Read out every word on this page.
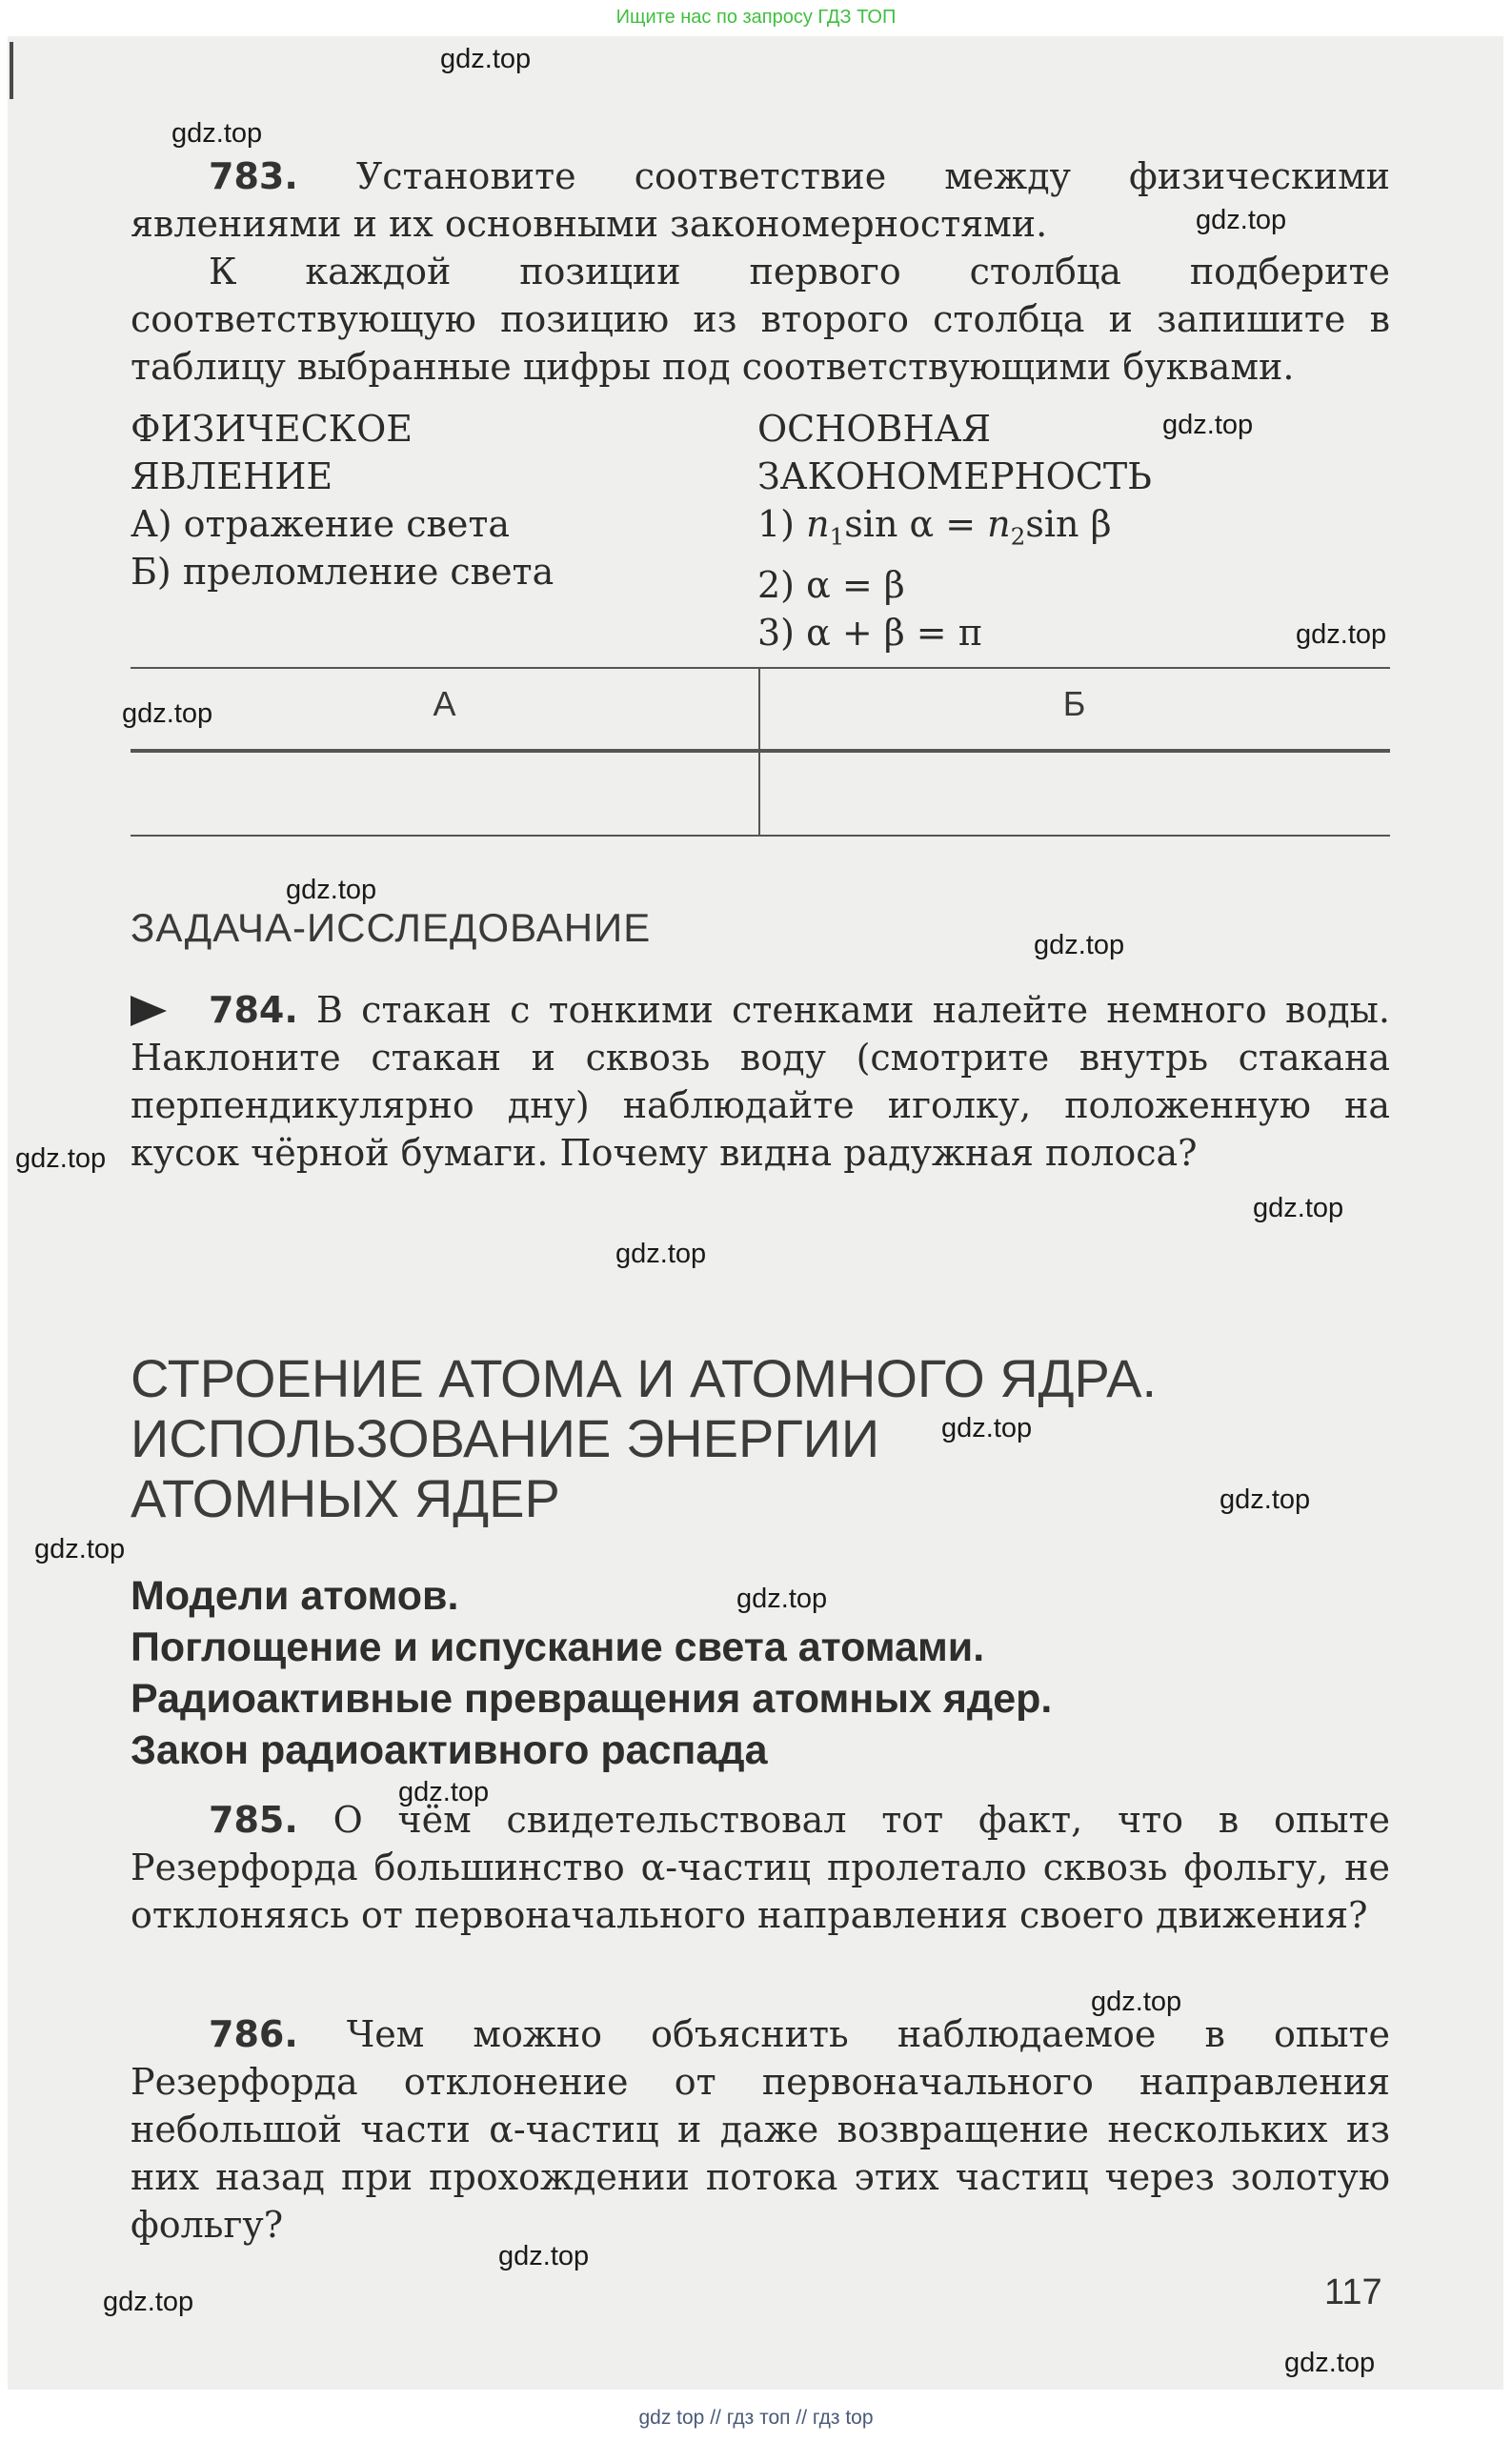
Ищите нас по запросу ГДЗ ТОП

783. Установите соответствие между физическими явлениями и их основными закономерностями.

К каждой позиции первого столбца подберите соответствующую позицию из второго столбца и запишите в таблицу выбранные цифры под соответствующими буквами.

ФИЗИЧЕСКОЕ
ЯВЛЕНИЕ
А) отражение света
Б) преломление света
ОСНОВНАЯ
ЗАКОНОМЕРНОСТЬ
1) $n_1\sin$ $\alpha = n_2\sin$ β
2) α = β
3) α + β = π
А	Б
ЗАДАЧА-ИССЛЕДОВАНИЕ

784. В стакан с тонкими стенками налейте немного воды. Наклоните стакан и сквозь воду (смотрите внутрь стакана перпендикулярно дну) наблюдайте иголку, положенную на кусок чёрной бумаги. Почему видна радужная полоса?

СТРОЕНИЕ АТОМА И АТОМНОГО ЯДРА.
ИСПОЛЬЗОВАНИЕ ЭНЕРГИИ
АТОМНЫХ ЯДЕР
Модели атомов.
Поглощение и испускание света атомами.
Радиоактивные превращения атомных ядер.
Закон радиоактивного распада

785. О чём свидетельствовал тот факт, что в опыте Резерфорда большинство α-частиц пролетало сквозь фольгу, не отклоняясь от первоначального направления своего движения?

786. Чем можно объяснить наблюдаемое в опыте Резерфорда отклонение от первоначального направления небольшой части α-частиц и даже возвращение нескольких из них назад при прохождении потока этих частиц через золотую фольгу?

117
gdz.top
gdz.top
gdz.top
gdz.top
gdz.top
gdz.top
gdz.top
gdz.top
gdz.top
gdz.top
gdz.top
gdz.top
gdz.top
gdz.top
gdz.top
gdz.top
gdz.top
gdz.top
gdz.top
gdz.top
gdz top // гдз топ // гдз top
